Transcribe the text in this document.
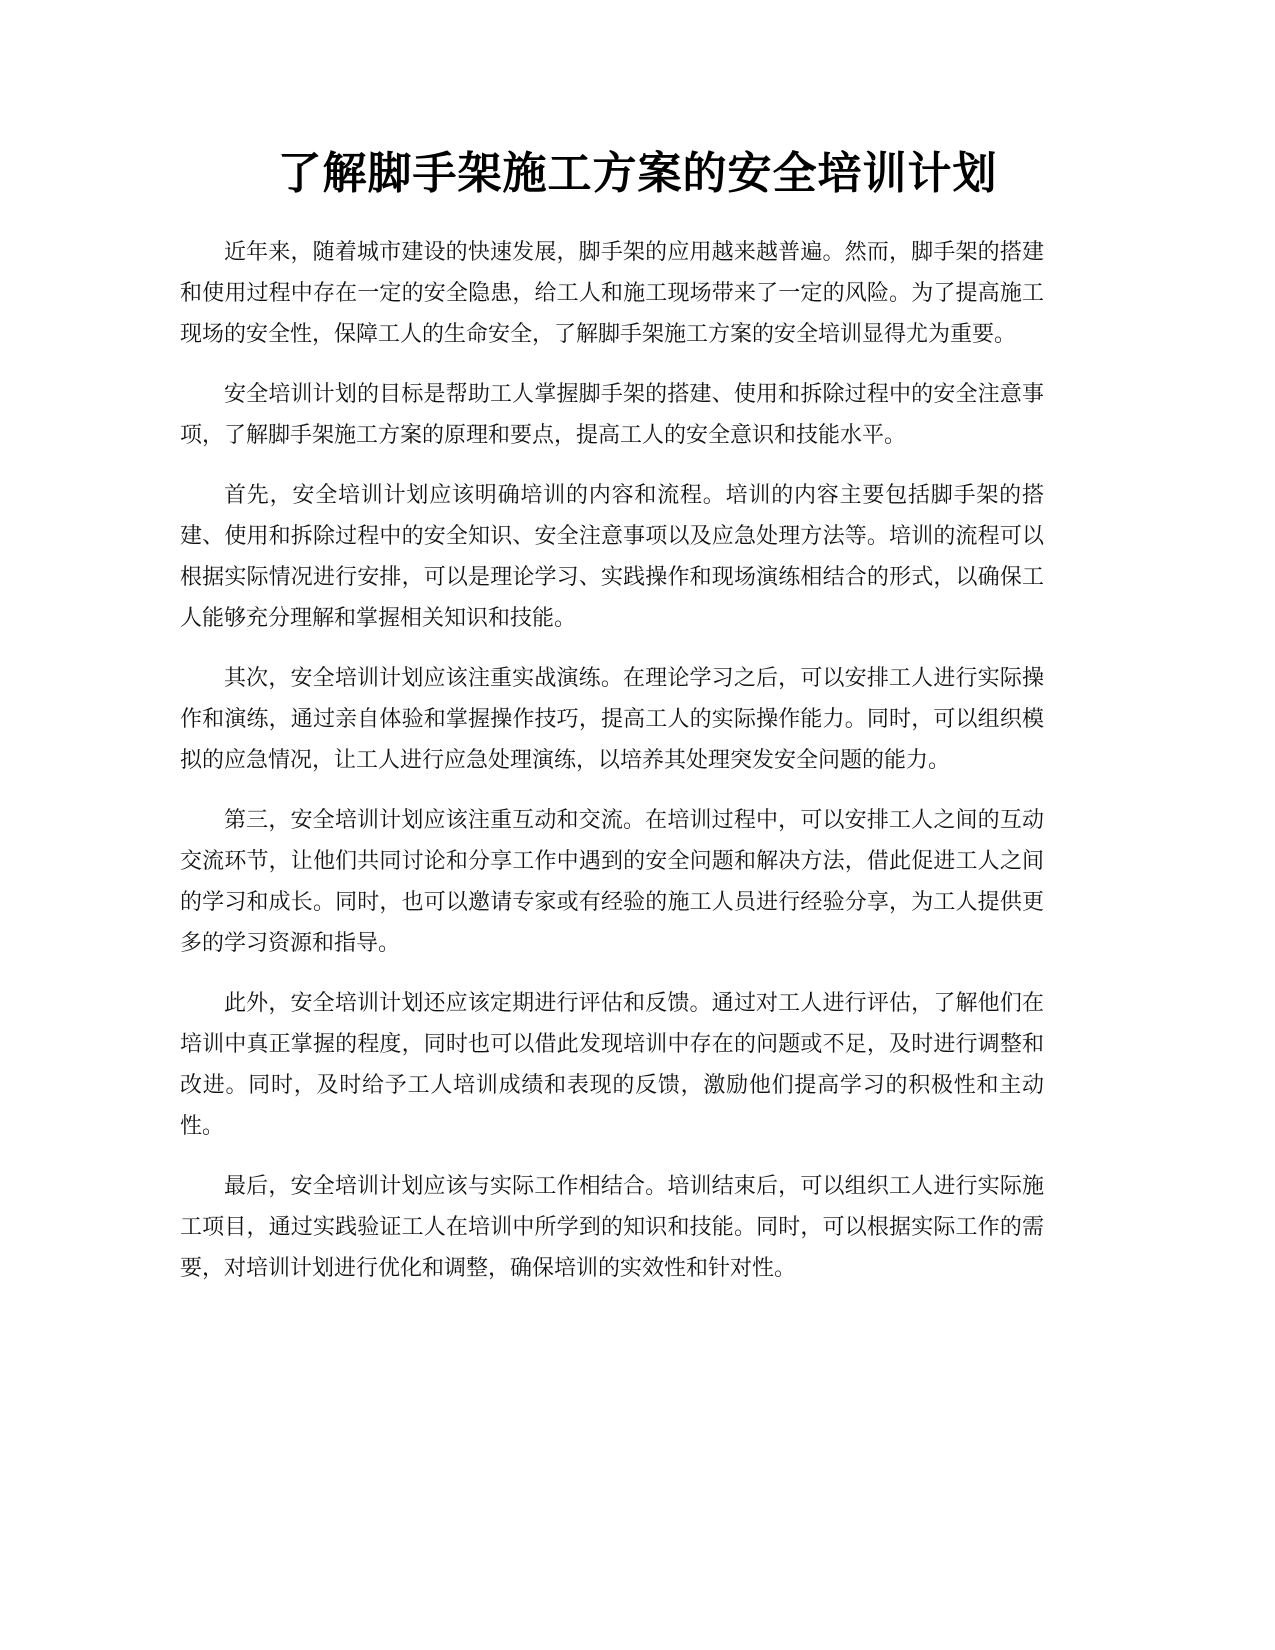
了解脚手架施工方案的安全培训计划

近年来，随着城市建设的快速发展，脚手架的应用越来越普遍。然而，脚手架的搭建和使用过程中存在一定的安全隐患，给工人和施工现场带来了一定的风险。为了提高施工现场的安全性，保障工人的生命安全，了解脚手架施工方案的安全培训显得尤为重要。

安全培训计划的目标是帮助工人掌握脚手架的搭建、使用和拆除过程中的安全注意事项，了解脚手架施工方案的原理和要点，提高工人的安全意识和技能水平。

首先，安全培训计划应该明确培训的内容和流程。培训的内容主要包括脚手架的搭建、使用和拆除过程中的安全知识、安全注意事项以及应急处理方法等。培训的流程可以根据实际情况进行安排，可以是理论学习、实践操作和现场演练相结合的形式，以确保工人能够充分理解和掌握相关知识和技能。

其次，安全培训计划应该注重实战演练。在理论学习之后，可以安排工人进行实际操作和演练，通过亲自体验和掌握操作技巧，提高工人的实际操作能力。同时，可以组织模拟的应急情况，让工人进行应急处理演练，以培养其处理突发安全问题的能力。

第三，安全培训计划应该注重互动和交流。在培训过程中，可以安排工人之间的互动交流环节，让他们共同讨论和分享工作中遇到的安全问题和解决方法，借此促进工人之间的学习和成长。同时，也可以邀请专家或有经验的施工人员进行经验分享，为工人提供更多的学习资源和指导。

此外，安全培训计划还应该定期进行评估和反馈。通过对工人进行评估，了解他们在培训中真正掌握的程度，同时也可以借此发现培训中存在的问题或不足，及时进行调整和改进。同时，及时给予工人培训成绩和表现的反馈，激励他们提高学习的积极性和主动性。

最后，安全培训计划应该与实际工作相结合。培训结束后，可以组织工人进行实际施工项目，通过实践验证工人在培训中所学到的知识和技能。同时，可以根据实际工作的需要，对培训计划进行优化和调整，确保培训的实效性和针对性。
